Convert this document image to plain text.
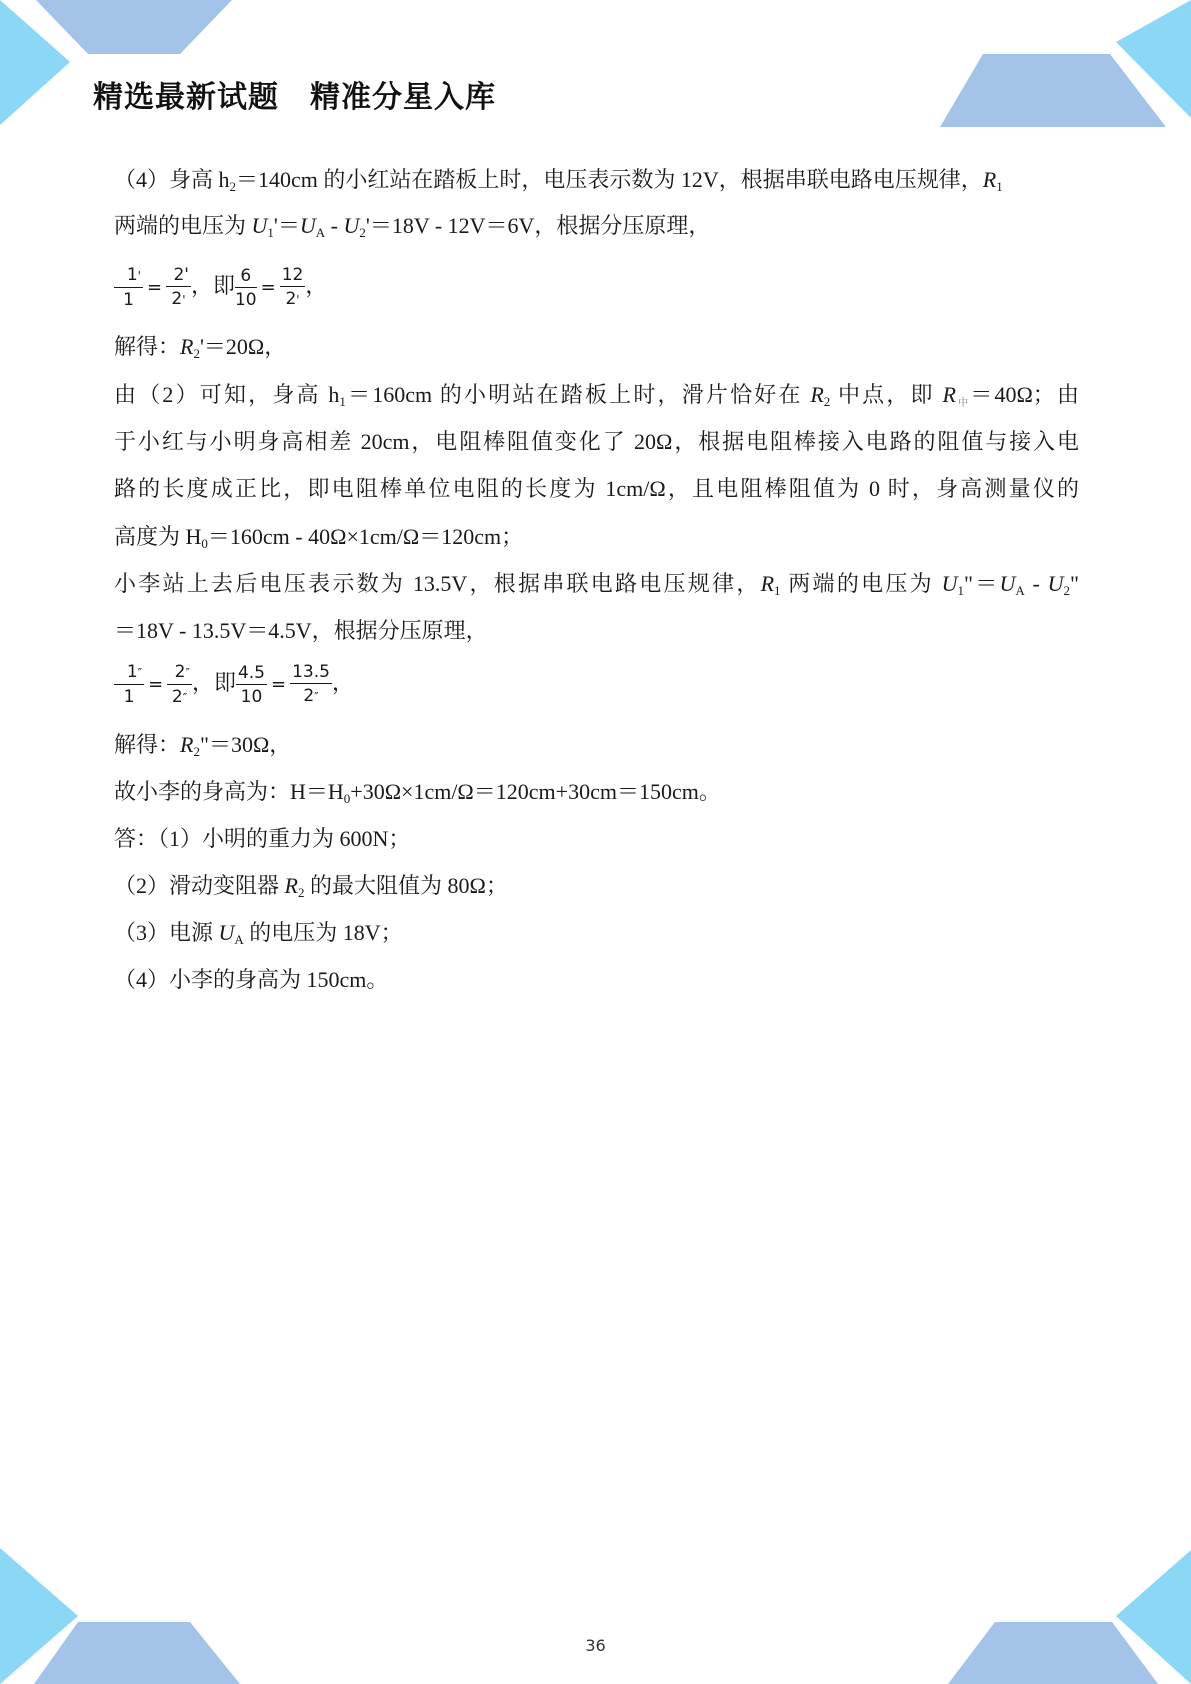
精选最新试题　精准分星入库
（4）身高 $h_2=140cm$ 的小红站在踏板上时，电压表示数为 12V，根据串联电路电压规律，$R_1$
两端的电压为 $U_1'=U_A - U_2'=18V - 12V=6V$，根据分压原理，
$\frac{1'}{1} = \frac{2'}{2'}$ ，即 $\frac{6}{10} = \frac{12}{2'}$ ，
解得：$R_2'=20\Omega$，
由（2）可知，身高 $h_1=160cm$ 的小明站在踏板上时，滑片恰好在 $R_2$ 中点，即 $R_中=40\Omega$；由
于小红与小明身高相差 20cm，电阻棒阻值变化了 20Ω，根据电阻棒接入电路的阻值与接入电
路的长度成正比，即电阻棒单位电阻的长度为 1cm/Ω，且电阻棒阻值为 0 时，身高测量仪的
高度为 $H_0=160cm - 40\Omega\times 1cm/\Omega=120cm$；
小李站上去后电压表示数为 13.5V，根据串联电路电压规律，$R_1$ 两端的电压为 $U_1"=U_A - U_2$"
＝18V - 13.5V＝4.5V，根据分压原理，
$\frac{1''}{1} = \frac{2''}{2''}$ ，即 $\frac{4.5}{10} = \frac{13.5}{2''}$ ，
解得：$R_2"=30\Omega$，
故小李的身高为：$H=H_0+30\Omega\times 1cm/\Omega=120cm+30cm=150cm$。
答：（1）小明的重力为 600N；
（2）滑动变阻器 $R_2$ 的最大阻值为 80Ω；
（3）电源 $U_A$ 的电压为 18V；
（4）小李的身高为 150cm。
36
